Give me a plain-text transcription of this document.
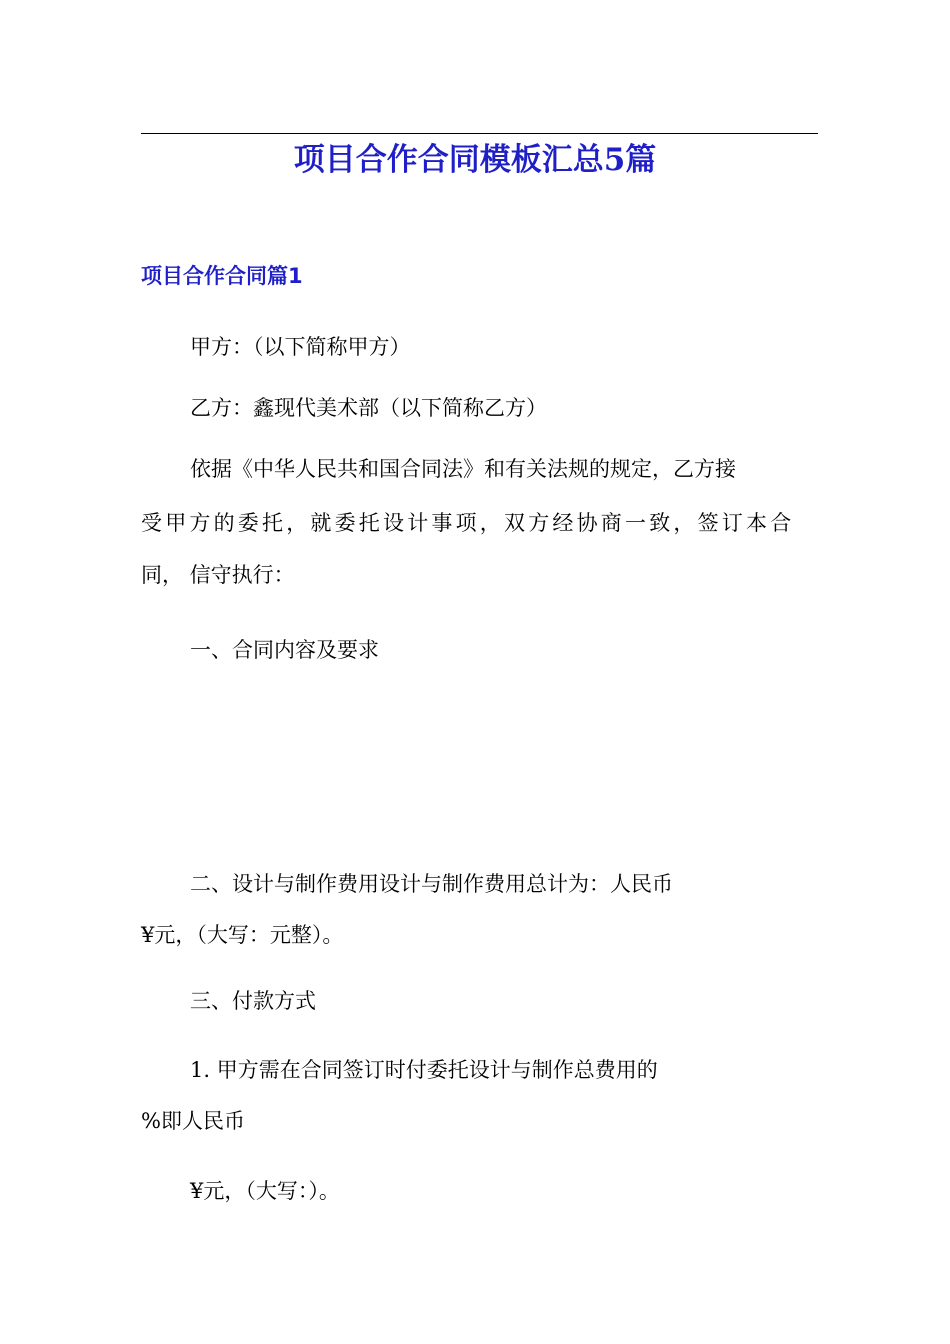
项目合作合同模板汇总5篇
项目合作合同篇1

甲方：（以下简称甲方）

乙方：鑫现代美术部（以下简称乙方）

依据《中华人民共和国合同法》和有关法规的规定，乙方接

受甲方的委托，就委托设计事项，双方经协商一致，签订本合

同， 信守执行：

一、合同内容及要求

二、设计与制作费用设计与制作费用总计为：人民币

¥元，（大写：元整）。

三、付款方式

1. 甲方需在合同签订时付委托设计与制作总费用的

%即人民币

¥元，（大写：）。
